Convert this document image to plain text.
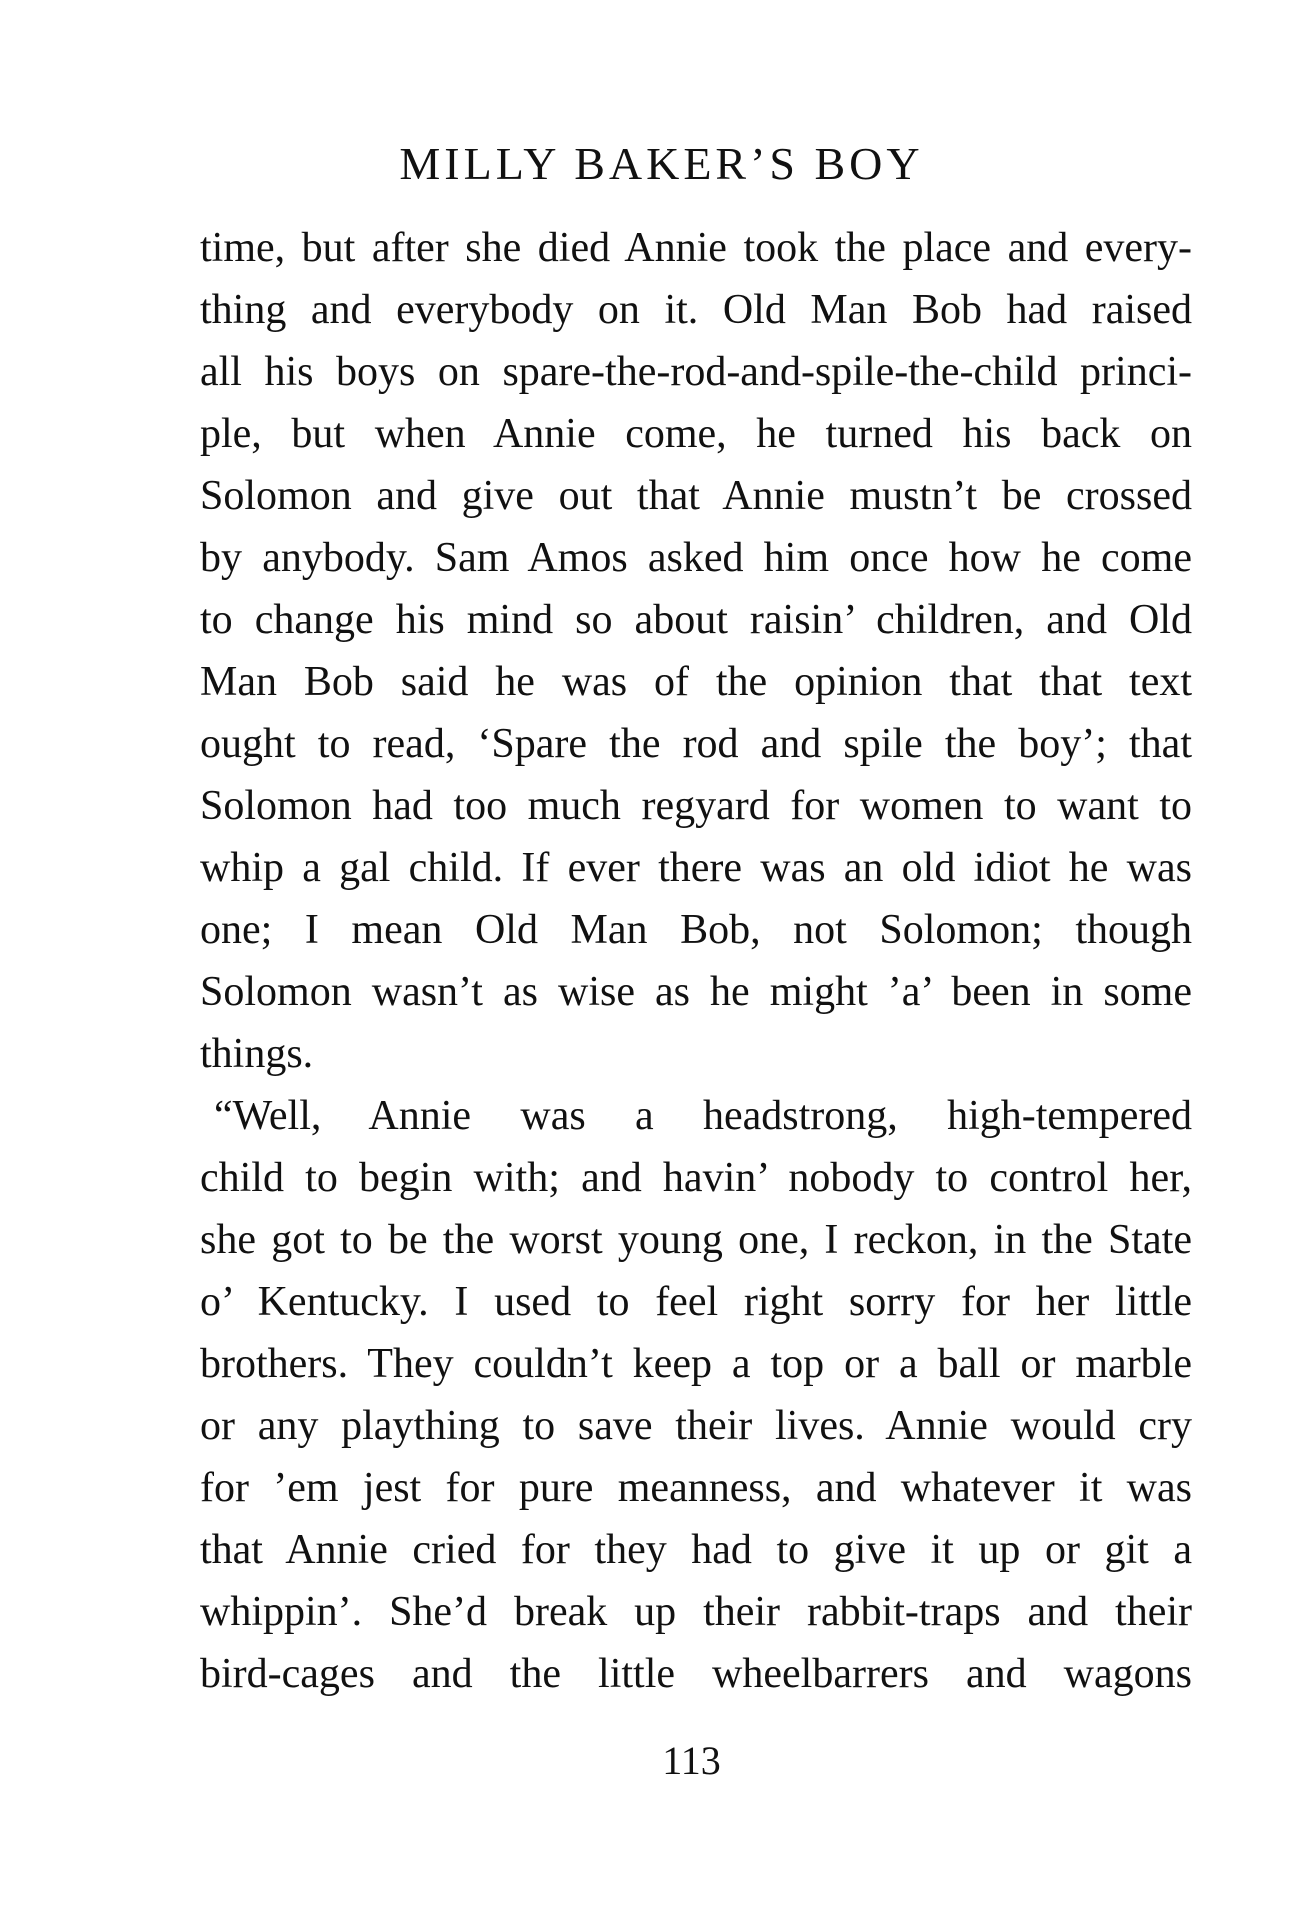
MILLY BAKER’S BOY
time, but after she died Annie took the place and every-
thing and everybody on it. Old Man Bob had raised
all his boys on spare-the-rod-and-spile-the-child princi-
ple, but when Annie come, he turned his back on
Solomon and give out that Annie mustn’t be crossed
by anybody. Sam Amos asked him once how he come
to change his mind so about raisin’ children, and Old
Man Bob said he was of the opinion that that text
ought to read, ‘Spare the rod and spile the boy’; that
Solomon had too much regyard for women to want to
whip a gal child. If ever there was an old idiot he was
one; I mean Old Man Bob, not Solomon; though
Solomon wasn’t as wise as he might ’a’ been in some
things.
“Well, Annie was a headstrong, high-tempered
child to begin with; and havin’ nobody to control her,
she got to be the worst young one, I reckon, in the State
o’ Kentucky. I used to feel right sorry for her little
brothers. They couldn’t keep a top or a ball or marble
or any plaything to save their lives. Annie would cry
for ’em jest for pure meanness, and whatever it was
that Annie cried for they had to give it up or git a
whippin’. She’d break up their rabbit-traps and their
bird-cages and the little wheelbarrers and wagons
113
